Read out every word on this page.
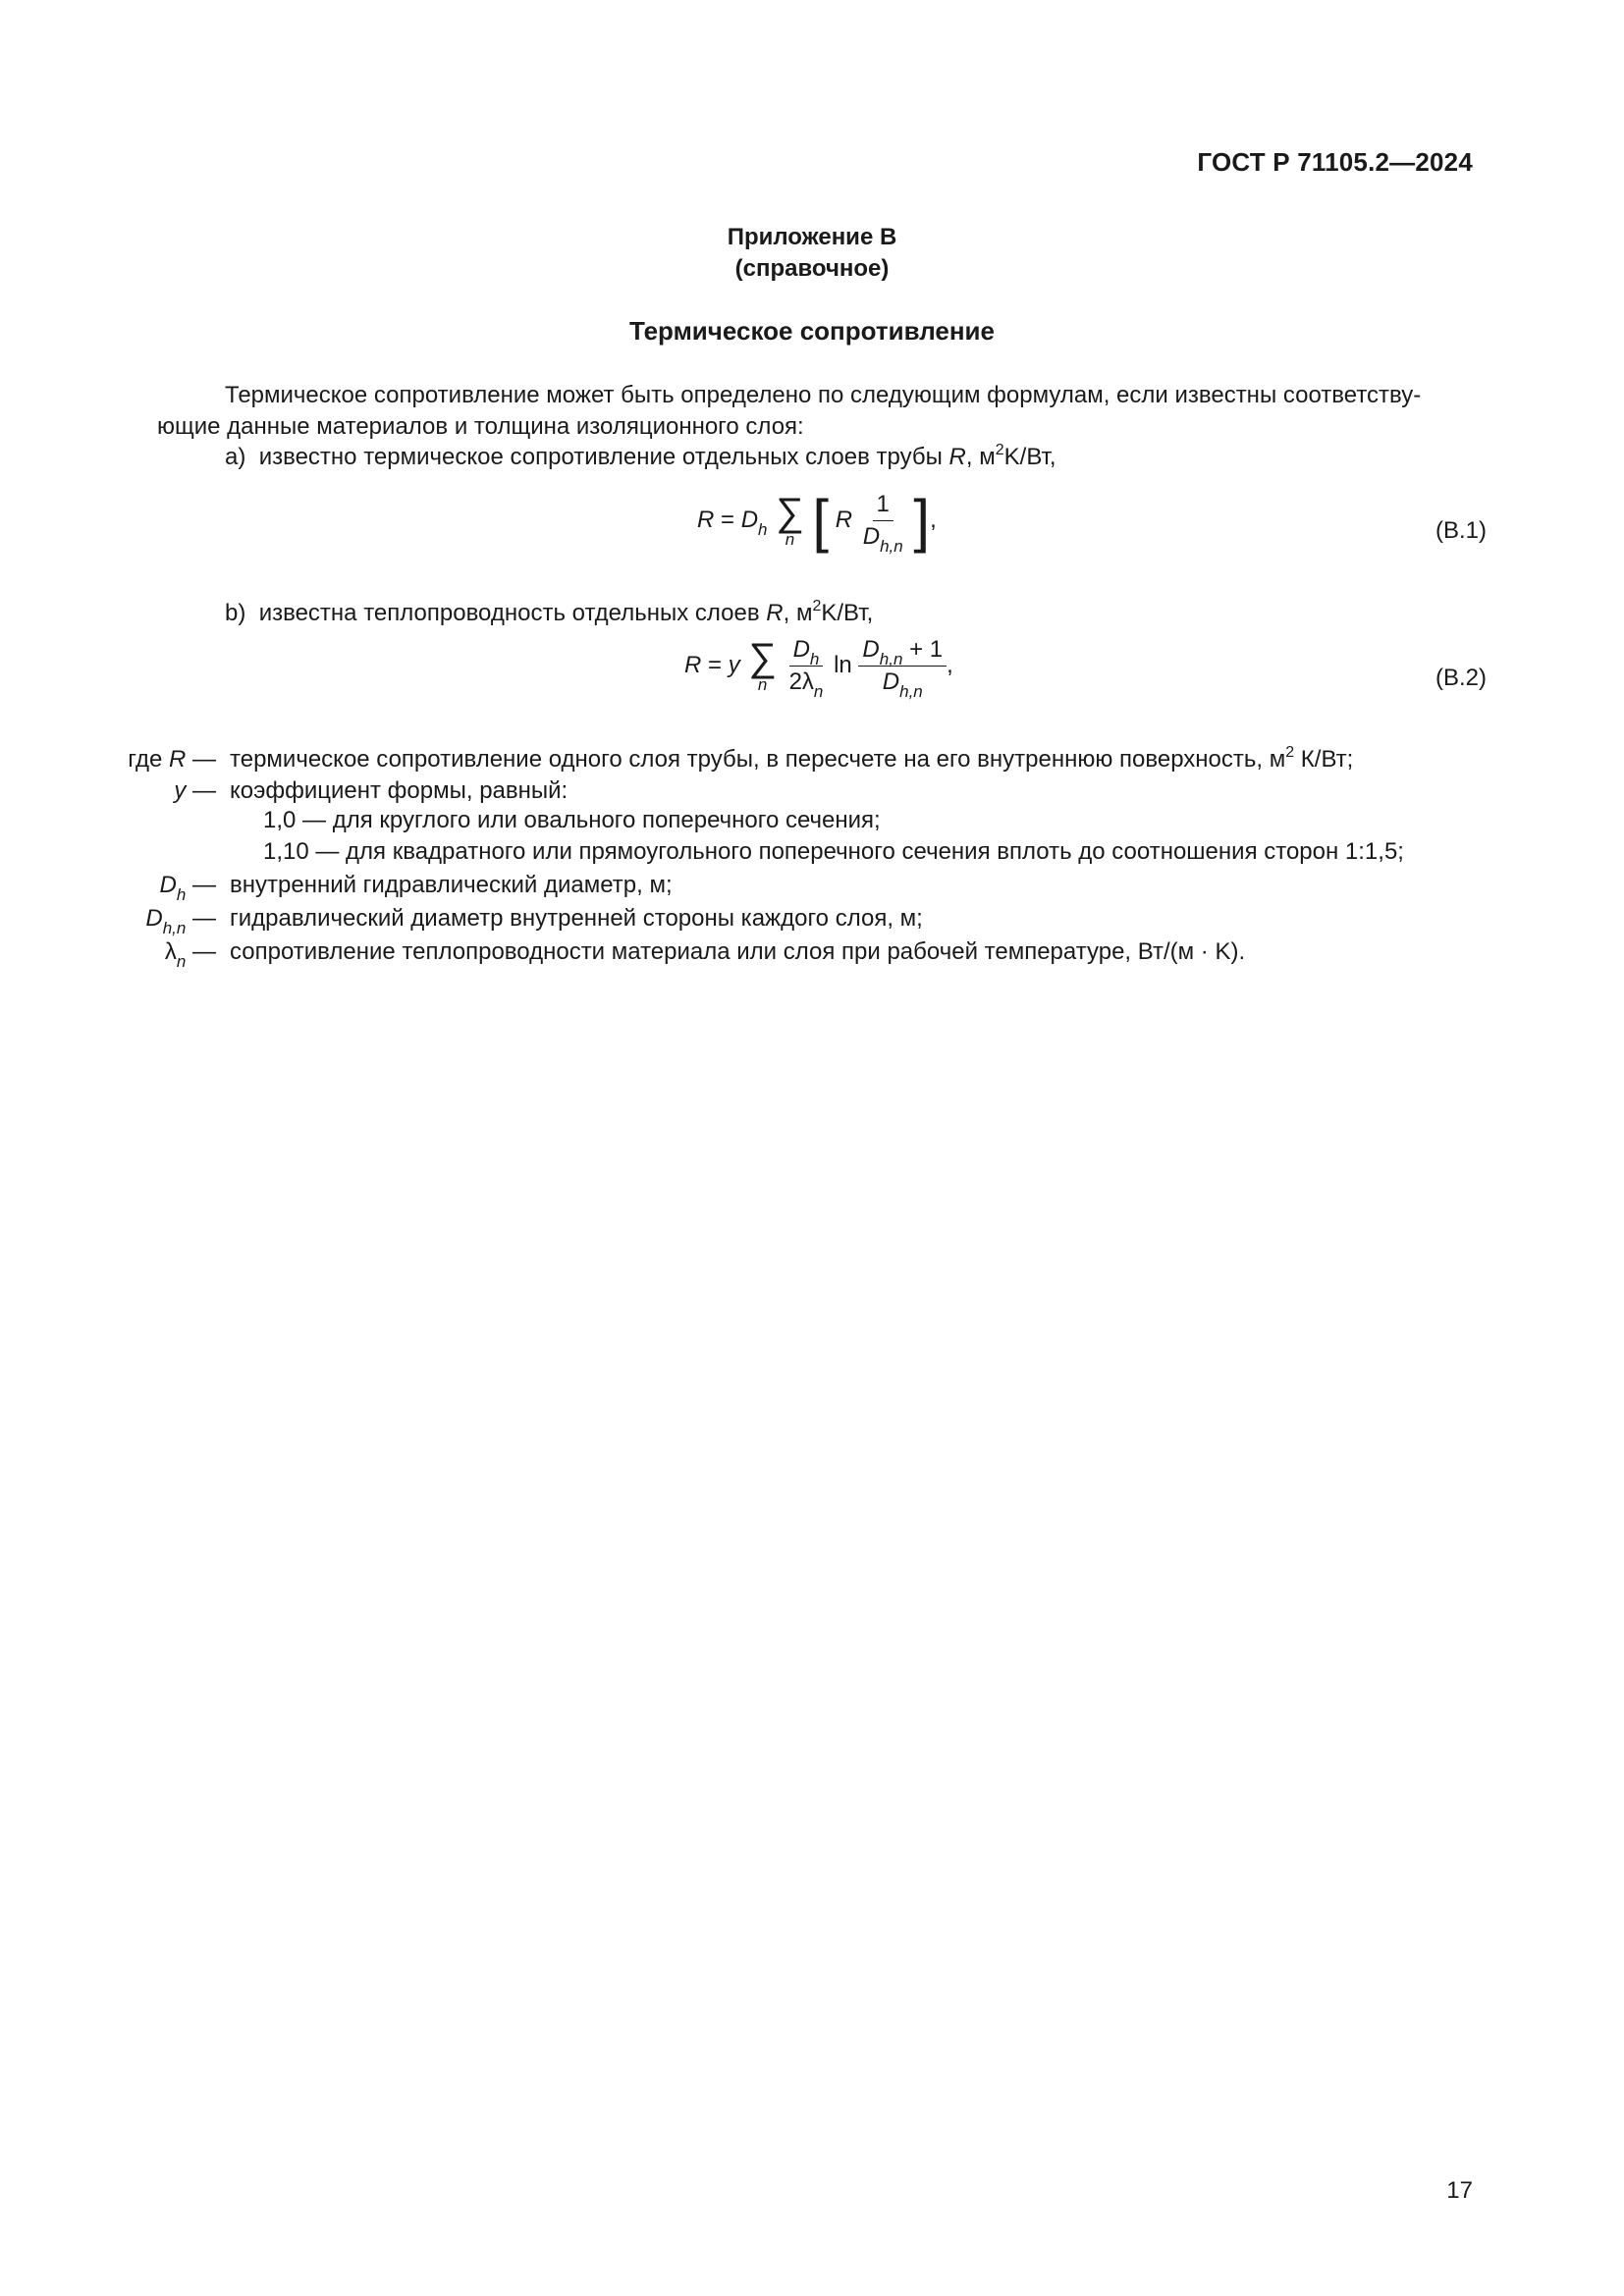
ГОСТ Р 71105.2—2024
Приложение В
(справочное)
Термическое сопротивление
Термическое сопротивление может быть определено по следующим формулам, если известны соответству-ющие данные материалов и толщина изоляционного слоя:
a) известно термическое сопротивление отдельных слоев трубы R, $м^2K/Вт$,
$R = D_h$ ∑
n [ R $\frac{1}{D_{h,n}}$ ],	(В.1)
b) известна теплопроводность отдельных слоев R, $м^2K/Вт$,
R = y ∑
n
$\frac{D_h}{2\lambda_n}$ $\ln \frac{D_{h,n} + 1}{D_{h,n}}$ ,	(В.2)
где R — термическое сопротивление одного слоя трубы, в пересчете на его внутреннюю поверхность, $м^2$ К/Вт;
y — коэффициент формы, равный:
1,0 — для круглого или овального поперечного сечения;
1,10 — для квадратного или прямоугольного поперечного сечения вплоть до соотношения сторон 1:1,5;
$D_h$ — внутренний гидравлический диаметр, м;
$D_{h,n}$ — гидравлический диаметр внутренней стороны каждого слоя, м;
$\lambda_n$ — сопротивление теплопроводности материала или слоя при рабочей температуре, Вт/(м · K).
17
